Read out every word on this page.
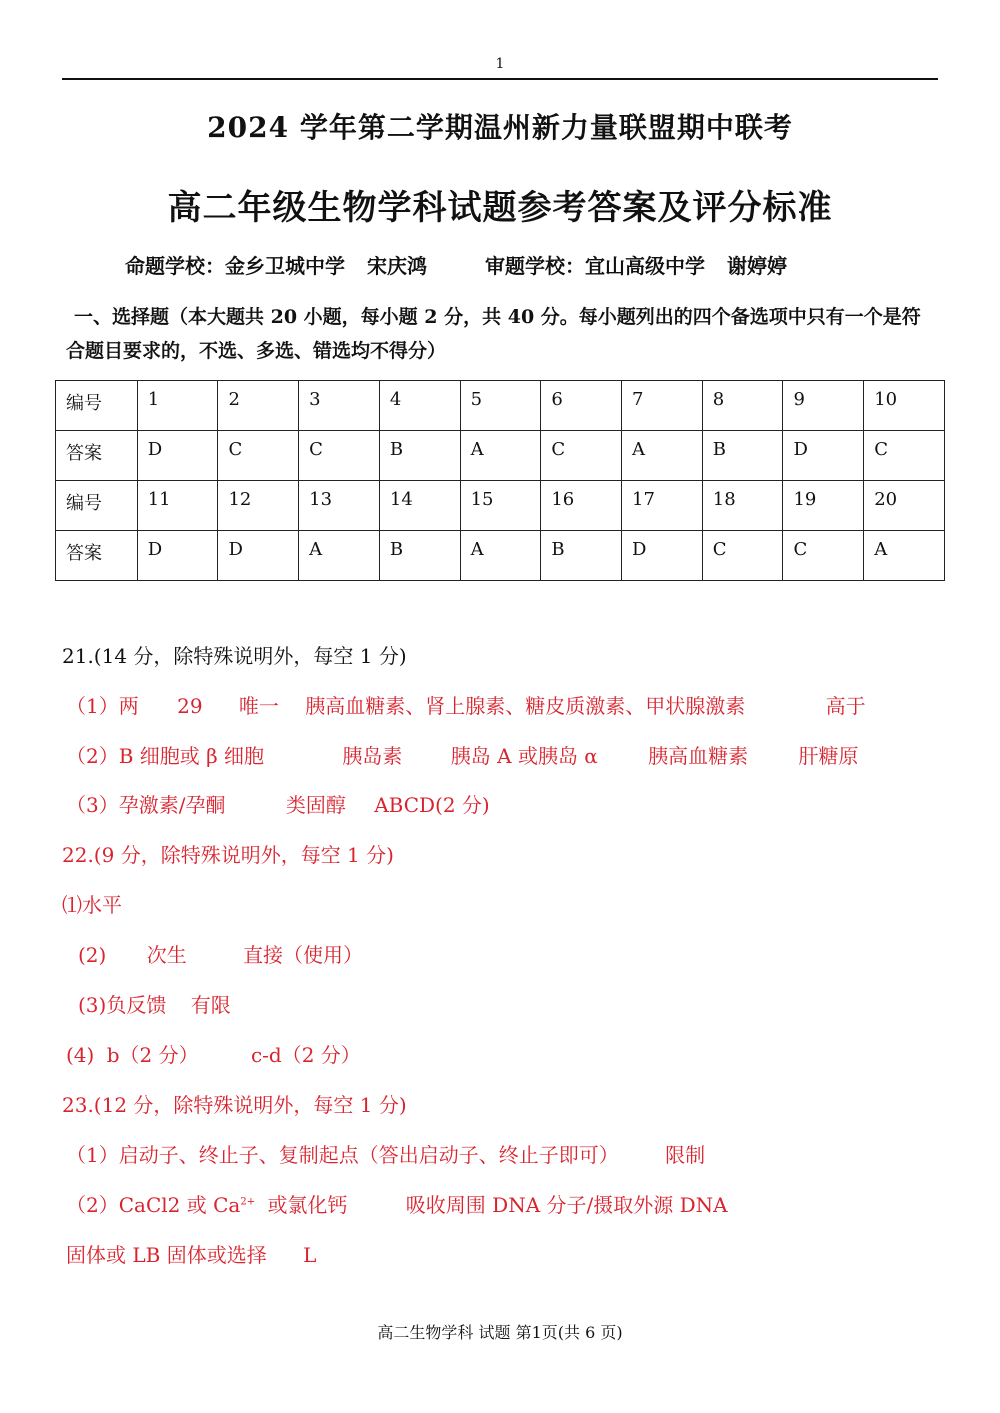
1
2024 学年第二学期温州新力量联盟期中联考
高二年级生物学科试题参考答案及评分标准
命题学校：金乡卫城中学 宋庆鸿	审题学校：宜山高级中学 谢婷婷
一、选择题（本大题共 20 小题，每小题 2 分，共 40 分。每小题列出的四个备选项中只有一个是符合题目要求的，不选、多选、错选均不得分）
编号	1	2	3	4	5	6	7	8	9	10
答案	D	C	C	B	A	C	A	B	D	C
编号	11	12	13	14	15	16	17	18	19	20
答案	D	D	A	B	A	B	D	C	C	A
21.(14 分，除特殊说明外，每空 1 分)
（1）两 29 唯一 胰高血糖素、肾上腺素、糖皮质激素、甲状腺激素	高于
（2）B 细胞或 β 细胞	胰岛素 胰岛 A 或胰岛 α	胰高血糖素	肝糖原
（3）孕激素/孕酮	类固醇 ABCD(2 分)
22.(9 分，除特殊说明外，每空 1 分)
⑴水平
(2) 次生	直接（使用）
(3)负反馈 有限
(4) b（2 分）	c-d（2 分）
23.(12 分，除特殊说明外，每空 1 分)
（1）启动子、终止子、复制起点（答出启动子、终止子即可） 限制
（2）CaCl2 或 $Ca^{2+}$ 或氯化钙	吸收周围 DNA 分子/摄取外源 DNA
固体或 LB 固体或选择 L
高二生物学科 试题 第1页(共 6 页)
